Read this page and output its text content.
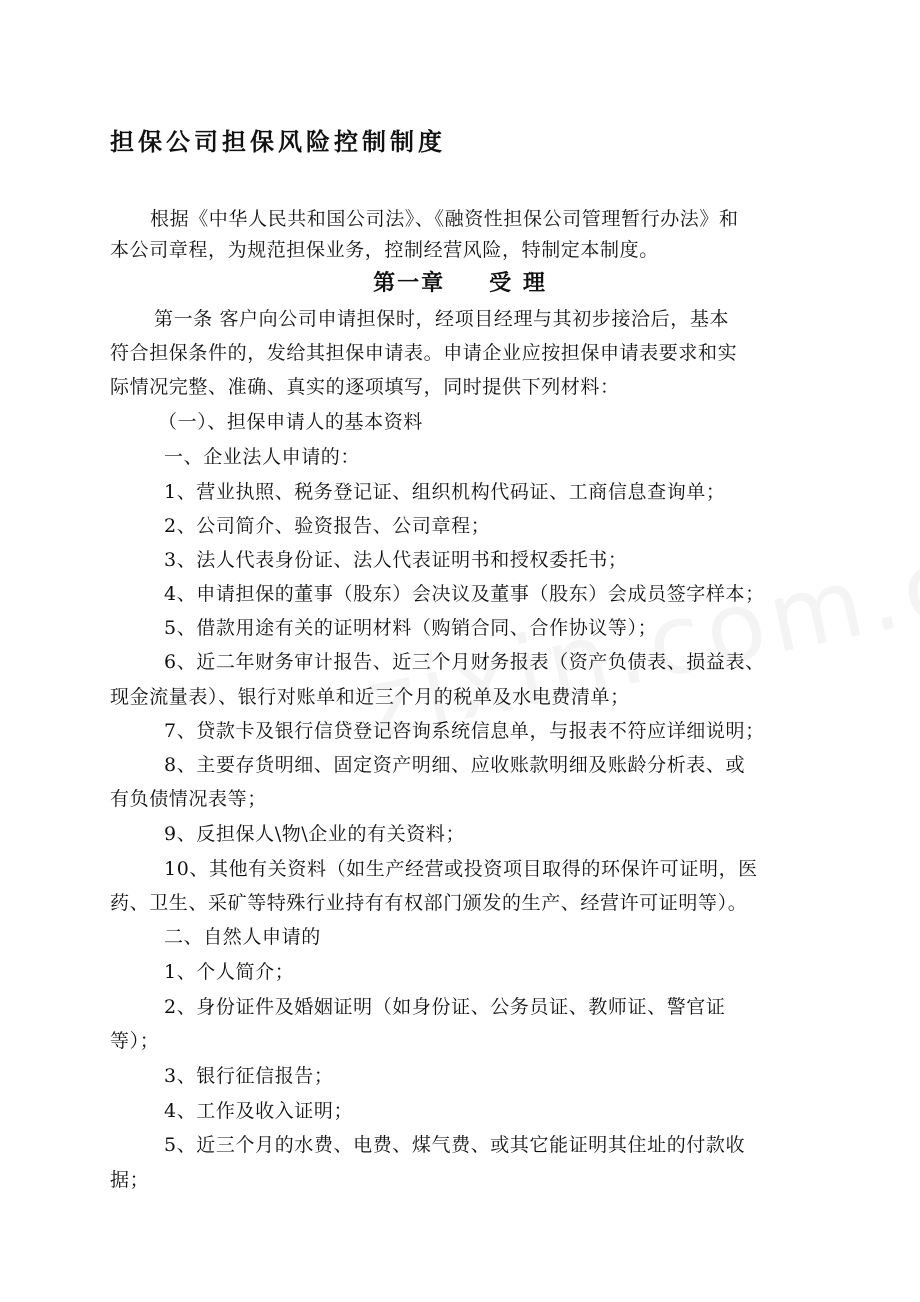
担保公司担保风险控制制度
根据《中华人民共和国公司法》、《融资性担保公司管理暂行办法》和
本公司章程，为规范担保业务，控制经营风险，特制定本制度。
第一章 受 理
第一条 客户向公司申请担保时，经项目经理与其初步接洽后，基本
符合担保条件的，发给其担保申请表。申请企业应按担保申请表要求和实
际情况完整、准确、真实的逐项填写，同时提供下列材料：
（一）、担保申请人的基本资料
一、企业法人申请的：
1、营业执照、税务登记证、组织机构代码证、工商信息查询单；
2、公司简介、验资报告、公司章程；
3、法人代表身份证、法人代表证明书和授权委托书；
4、申请担保的董事（股东）会决议及董事（股东）会成员签字样本；
5、借款用途有关的证明材料（购销合同、合作协议等）；
6、近二年财务审计报告、近三个月财务报表（资产负债表、损益表、
现金流量表）、银行对账单和近三个月的税单及水电费清单；
7、贷款卡及银行信贷登记咨询系统信息单，与报表不符应详细说明；
8、主要存货明细、固定资产明细、应收账款明细及账龄分析表、或
有负债情况表等；
9、反担保人\物\企业的有关资料；
10、其他有关资料（如生产经营或投资项目取得的环保许可证明，医
药、卫生、采矿等特殊行业持有有权部门颁发的生产、经营许可证明等）。
二、自然人申请的
1、个人简介；
2、身份证件及婚姻证明（如身份证、公务员证、教师证、警官证
等）；
3、银行征信报告；
4、工作及收入证明；
5、近三个月的水费、电费、煤气费、或其它能证明其住址的付款收
据；
